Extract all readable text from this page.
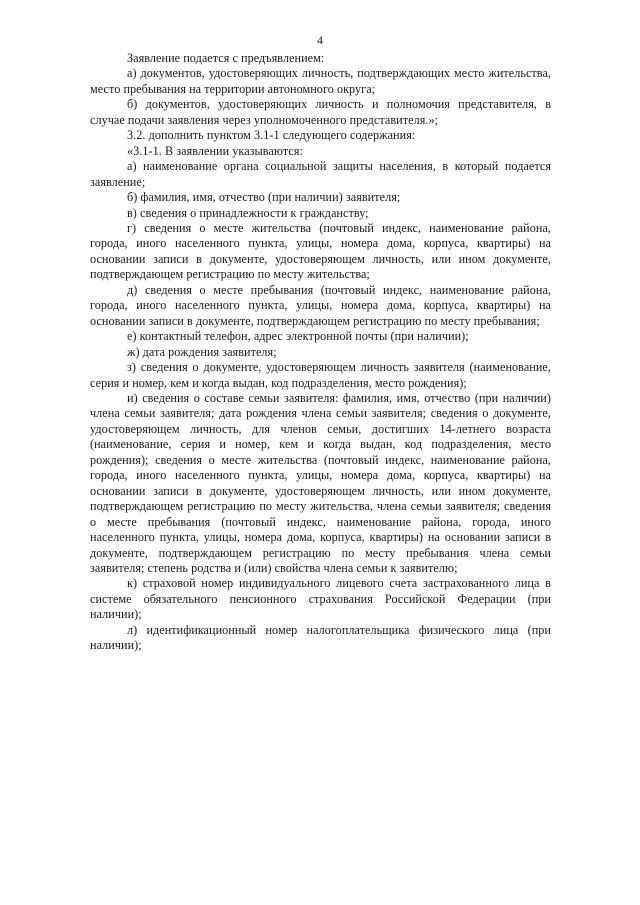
4

Заявление подается с предъявлением:

а) документов, удостоверяющих личность, подтверждающих место жительства, место пребывания на территории автономного округа;

б) документов, удостоверяющих личность и полномочия представителя, в случае подачи заявления через уполномоченного представителя.»;

3.2. дополнить пунктом 3.1-1 следующего содержания:

«3.1-1. В заявлении указываются:

а) наименование органа социальной защиты населения, в который подается заявление;

б) фамилия, имя, отчество (при наличии) заявителя;

в) сведения о принадлежности к гражданству;

г) сведения о месте жительства (почтовый индекс, наименование района, города, иного населенного пункта, улицы, номера дома, корпуса, квартиры) на основании записи в документе, удостоверяющем личность, или ином документе, подтверждающем регистрацию по месту жительства;

д) сведения о месте пребывания (почтовый индекс, наименование района, города, иного населенного пункта, улицы, номера дома, корпуса, квартиры) на основании записи в документе, подтверждающем регистрацию по месту пребывания;

е) контактный телефон, адрес электронной почты (при наличии);

ж) дата рождения заявителя;

з) сведения о документе, удостоверяющем личность заявителя (наименование, серия и номер, кем и когда выдан, код подразделения, место рождения);

и) сведения о составе семьи заявителя: фамилия, имя, отчество (при наличии) члена семьи заявителя; дата рождения члена семьи заявителя; сведения о документе, удостоверяющем личность, для членов семьи, достигших 14-летнего возраста (наименование, серия и номер, кем и когда выдан, код подразделения, место рождения); сведения о месте жительства (почтовый индекс, наименование района, города, иного населенного пункта, улицы, номера дома, корпуса, квартиры) на основании записи в документе, удостоверяющем личность, или ином документе, подтверждающем регистрацию по месту жительства, члена семьи заявителя; сведения о месте пребывания (почтовый индекс, наименование района, города, иного населенного пункта, улицы, номера дома, корпуса, квартиры) на основании записи в документе, подтверждающем регистрацию по месту пребывания члена семьи заявителя; степень родства и (или) свойства члена семьи к заявителю;

к) страховой номер индивидуального лицевого счета застрахованного лица в системе обязательного пенсионного страхования Российской Федерации (при наличии);

л) идентификационный номер налогоплательщика физического лица (при наличии);
